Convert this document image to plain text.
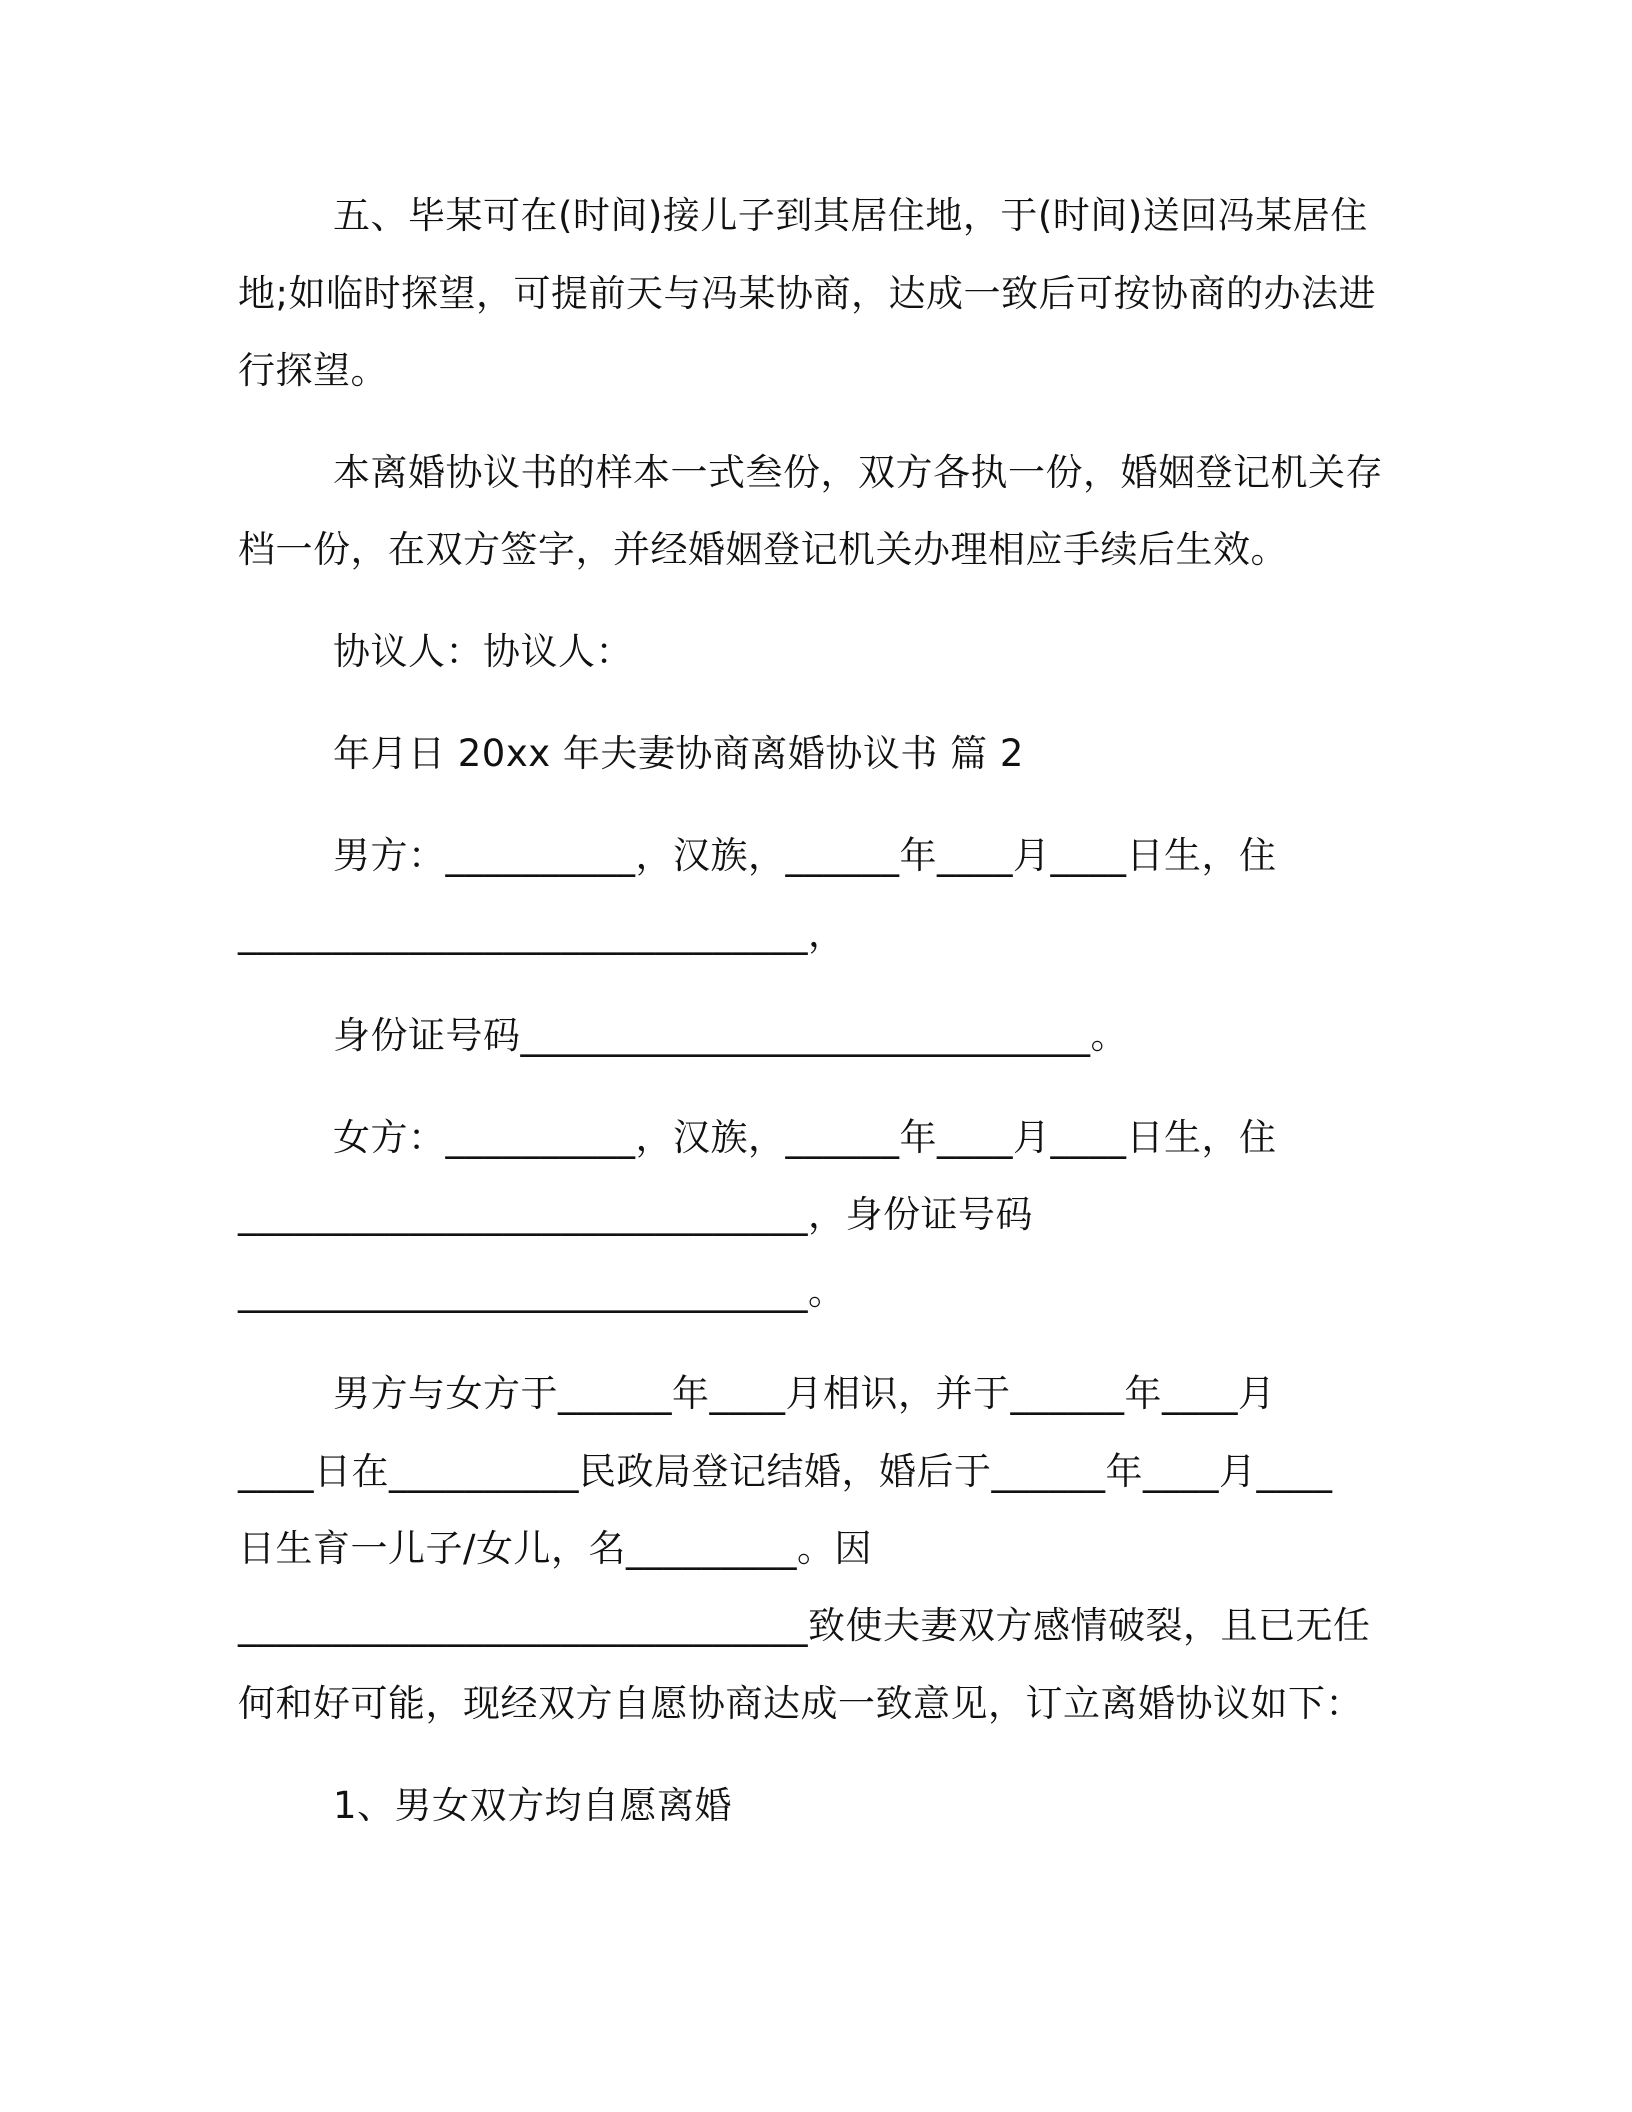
五、毕某可在(时间)接儿子到其居住地，于(时间)送回冯某居住
地;如临时探望，可提前天与冯某协商，达成一致后可按协商的办法进
行探望。
本离婚协议书的样本一式叁份，双方各执一份，婚姻登记机关存
档一份，在双方签字，并经婚姻登记机关办理相应手续后生效。
协议人：协议人：
年月日 20xx 年夫妻协商离婚协议书 篇 2
男方：__________，汉族，______年____月____日生，住
______________________________，
身份证号码______________________________。
女方：__________，汉族，______年____月____日生，住
______________________________，身份证号码
______________________________。
男方与女方于______年____月相识，并于______年____月
____日在__________民政局登记结婚，婚后于______年____月____
日生育一儿子/女儿，名_________。因
______________________________致使夫妻双方感情破裂，且已无任
何和好可能，现经双方自愿协商达成一致意见，订立离婚协议如下：
1、男女双方均自愿离婚
